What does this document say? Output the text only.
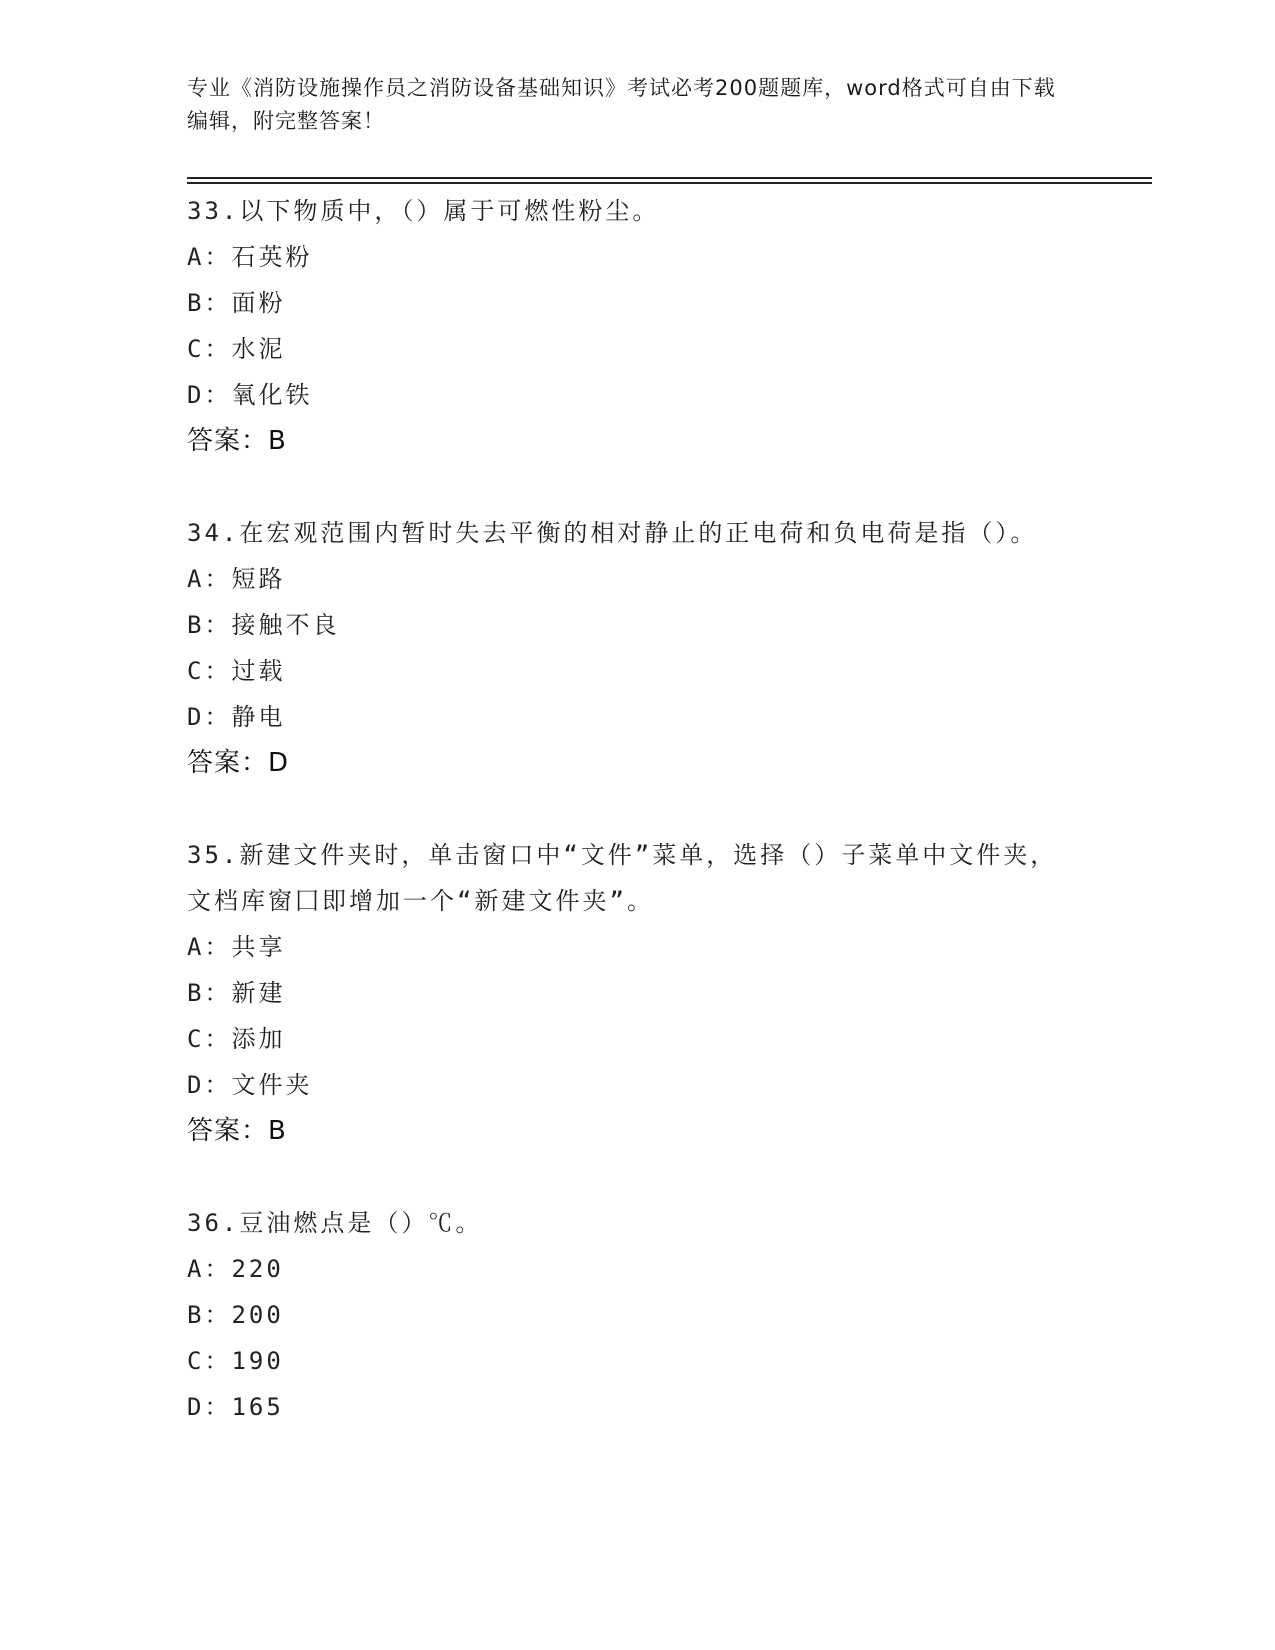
专业《消防设施操作员之消防设备基础知识》考试必考200题题库，word格式可自由下载编辑，附完整答案！
33.以下物质中，（）属于可燃性粉尘。
A：石英粉
B：面粉
C：水泥
D：氧化铁
答案：B
34.在宏观范围内暂时失去平衡的相对静止的正电荷和负电荷是指（）。
A：短路
B：接触不良
C：过载
D：静电
答案：D
35.新建文件夹时，单击窗口中“文件”菜单，选择（）子菜单中文件夹，文档库窗囗即增加一个“新建文件夹”。
A：共享
B：新建
C：添加
D：文件夹
答案：B
36.豆油燃点是（）℃。
A：220
B：200
C：190
D：165
